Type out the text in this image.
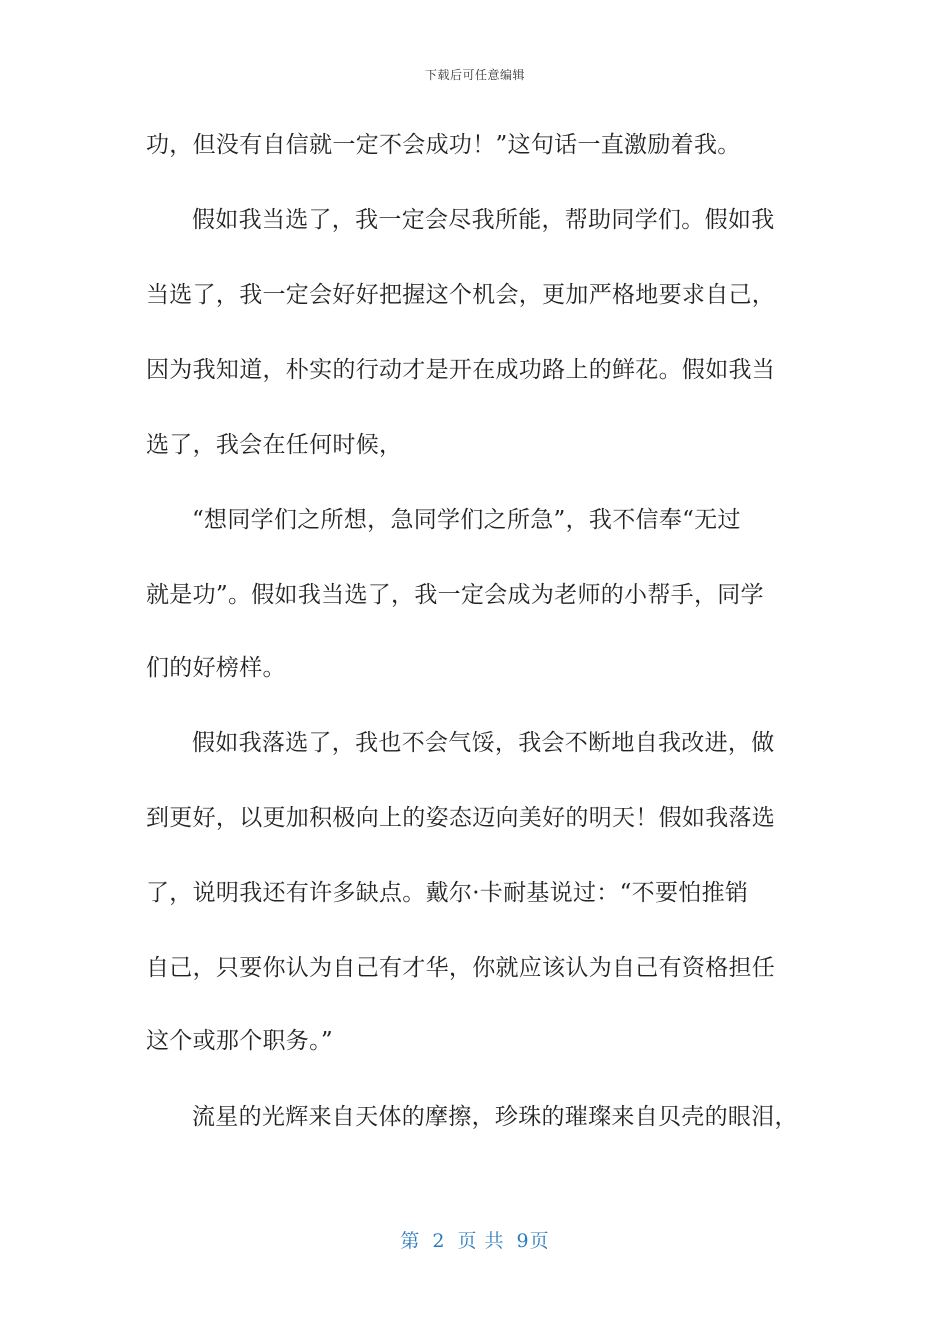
下载后可任意编辑
功，但没有自信就一定不会成功！”这句话一直激励着我。
假如我当选了，我一定会尽我所能，帮助同学们。假如我
当选了，我一定会好好把握这个机会，更加严格地要求自己，
因为我知道，朴实的行动才是开在成功路上的鲜花。假如我当
选了，我会在任何时候，
“想同学们之所想，急同学们之所急”，我不信奉“无过
就是功”。假如我当选了，我一定会成为老师的小帮手，同学
们的好榜样。
假如我落选了，我也不会气馁，我会不断地自我改进，做
到更好，以更加积极向上的姿态迈向美好的明天！假如我落选
了，说明我还有许多缺点。戴尔·卡耐基说过：“不要怕推销
自己，只要你认为自己有才华，你就应该认为自己有资格担任
这个或那个职务。”
流星的光辉来自天体的摩擦，珍珠的璀璨来自贝壳的眼泪，
第 2 页 共 9页
